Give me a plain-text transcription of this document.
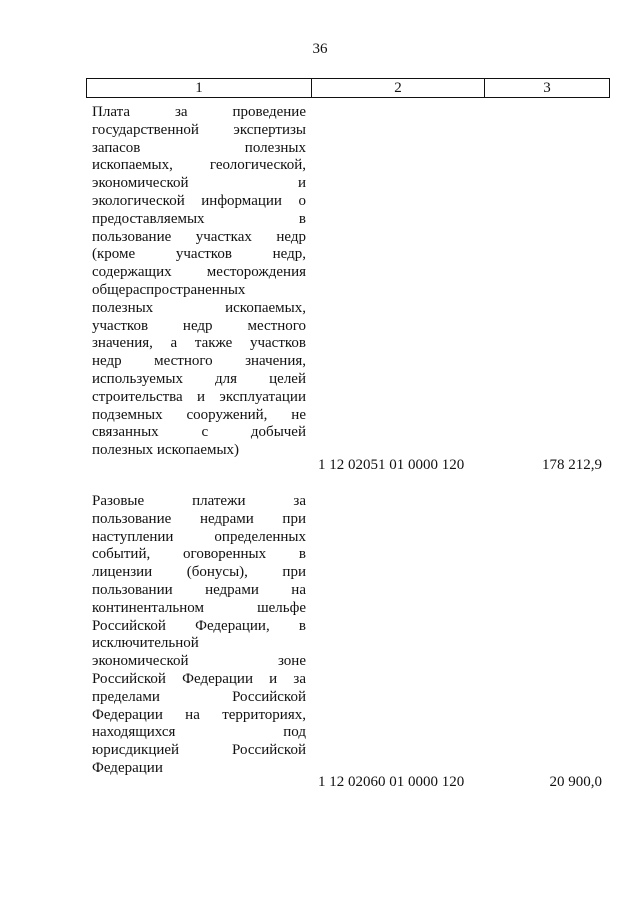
36
1	2	3
Плата за проведение
государственной экспертизы
запасов полезных
ископаемых, геологической,
экономической и
экологической информации о
предоставляемых в
пользование участках недр
(кроме участков недр,
содержащих месторождения
общераспространенных
полезных ископаемых,
участков недр местного
значения, а также участков
недр местного значения,
используемых для целей
строительства и эксплуатации
подземных сооружений, не
связанных с добычей
полезных ископаемых)
1 12 02051 01 0000 120	178 212,9
Разовые платежи за
пользование недрами при
наступлении определенных
событий, оговоренных в
лицензии (бонусы), при
пользовании недрами на
континентальном шельфе
Российской Федерации, в
исключительной
экономической зоне
Российской Федерации и за
пределами Российской
Федерации на территориях,
находящихся под
юрисдикцией Российской
Федерации
1 12 02060 01 0000 120	20 900,0
